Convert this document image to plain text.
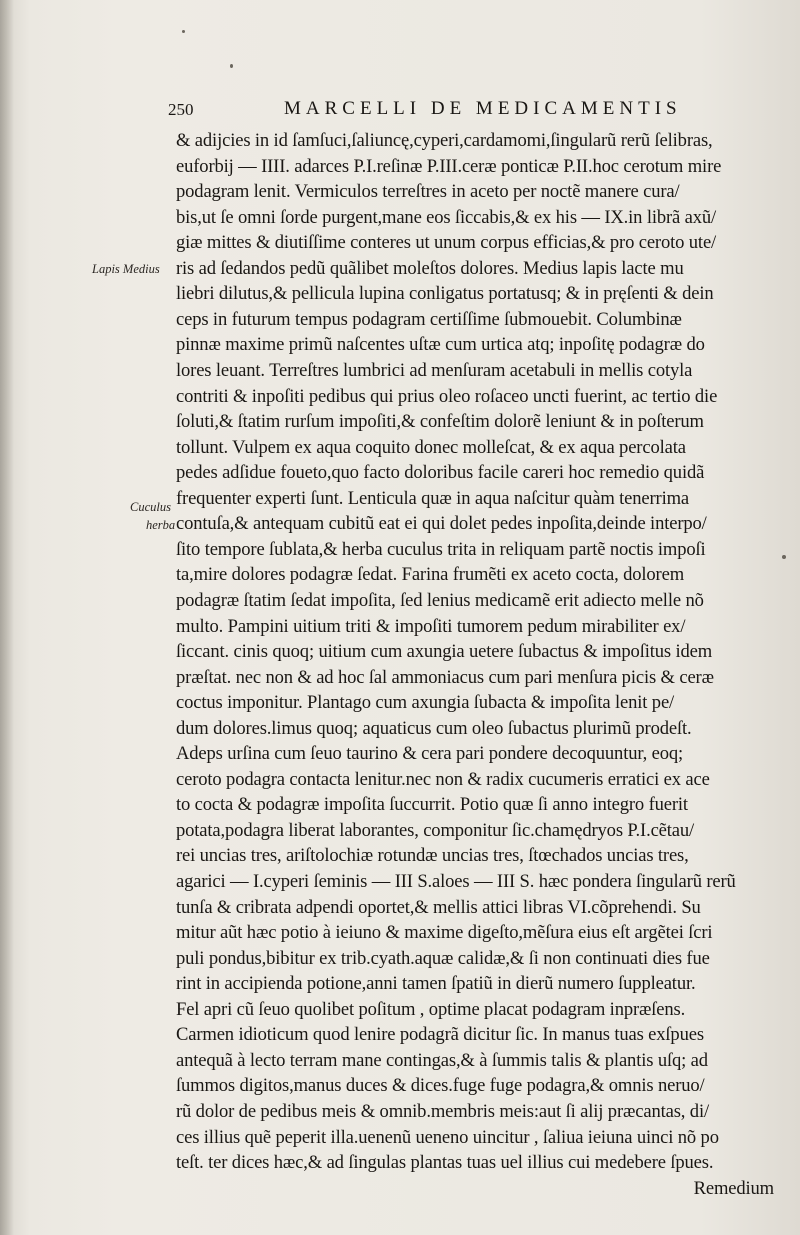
250	MARCELLI DE MEDICAMENTIS
Lapis Medius
Cuculus
herba
& adijcies in id ſamſuci,ſaliuncę,cyperi,cardamomi,ſingularũ rerũ ſelibras,
euforbij — IIII. adarces P.I.reſinæ P.III.ceræ ponticæ P.II.hoc cerotum mire
podagram lenit. Vermiculos terreſtres in aceto per noctẽ manere cura/
bis,ut ſe omni ſorde purgent,mane eos ſiccabis,& ex his — IX.in librã axũ/
giæ mittes & diutiſſime conteres ut unum corpus efficias,& pro ceroto ute/
ris ad ſedandos pedũ quãlibet moleſtos dolores. Medius lapis lacte mu
liebri dilutus,& pellicula lupina conligatus portatusq; & in pręſenti & dein
ceps in futurum tempus podagram certiſſime ſubmouebit. Columbinæ
pinnæ maxime primũ naſcentes uſtæ cum urtica atq; inpoſitę podagræ do
lores leuant. Terreſtres lumbrici ad menſuram acetabuli in mellis cotyla
contriti & inpoſiti pedibus qui prius oleo roſaceo uncti fuerint, ac tertio die
ſoluti,& ſtatim rurſum impoſiti,& confeſtim dolorẽ leniunt & in poſterum
tollunt. Vulpem ex aqua coquito donec molleſcat, & ex aqua percolata
pedes adſidue foueto,quo facto doloribus facile careri hoc remedio quidã
frequenter experti ſunt. Lenticula quæ in aqua naſcitur quàm tenerrima
contuſa,& antequam cubitũ eat ei qui dolet pedes inpoſita,deinde interpo/
ſito tempore ſublata,& herba cuculus trita in reliquam partẽ noctis impoſi
ta,mire dolores podagræ ſedat. Farina frumẽti ex aceto cocta, dolorem
podagræ ſtatim ſedat impoſita, ſed lenius medicamẽ erit adiecto melle nõ
multo. Pampini uitium triti & impoſiti tumorem pedum mirabiliter ex/
ſiccant. cinis quoq; uitium cum axungia uetere ſubactus & impoſitus idem
præſtat. nec non & ad hoc ſal ammoniacus cum pari menſura picis & ceræ
coctus imponitur. Plantago cum axungia ſubacta & impoſita lenit pe/
dum dolores.limus quoq; aquaticus cum oleo ſubactus plurimũ prodeſt.
Adeps urſina cum ſeuo taurino & cera pari pondere decoquuntur, eoq;
ceroto podagra contacta lenitur.nec non & radix cucumeris erratici ex ace
to cocta & podagræ impoſita ſuccurrit. Potio quæ ſi anno integro fuerit
potata,podagra liberat laborantes, componitur ſic.chamędryos P.I.cẽtau/
rei uncias tres, ariſtolochiæ rotundæ uncias tres, ſtœchados uncias tres,
agarici — I.cyperi ſeminis — III S.aloes — III S. hæc pondera ſingularũ rerũ
tunſa & cribrata adpendi oportet,& mellis attici libras VI.cõprehendi. Su
mitur aũt hæc potio à ieiuno & maxime digeſto,mẽſura eius eſt argẽtei ſcri
puli pondus,bibitur ex trib.cyath.aquæ calidæ,& ſi non continuati dies fue
rint in accipienda potione,anni tamen ſpatiũ in dierũ numero ſuppleatur.
Fel apri cũ ſeuo quolibet poſitum , optime placat podagram inpræſens.
Carmen idioticum quod lenire podagrã dicitur ſic. In manus tuas exſpues
antequã à lecto terram mane contingas,& à ſummis talis & plantis uſq; ad
ſummos digitos,manus duces & dices.fuge fuge podagra,& omnis neruo/
rũ dolor de pedibus meis & omnib.membris meis:aut ſi alij præcantas, di/
ces illius quẽ peperit illa.uenenũ ueneno uincitur , ſaliua ieiuna uinci nõ po
teſt. ter dices hæc,& ad ſingulas plantas tuas uel illius cui medebere ſpues.
Remedium
